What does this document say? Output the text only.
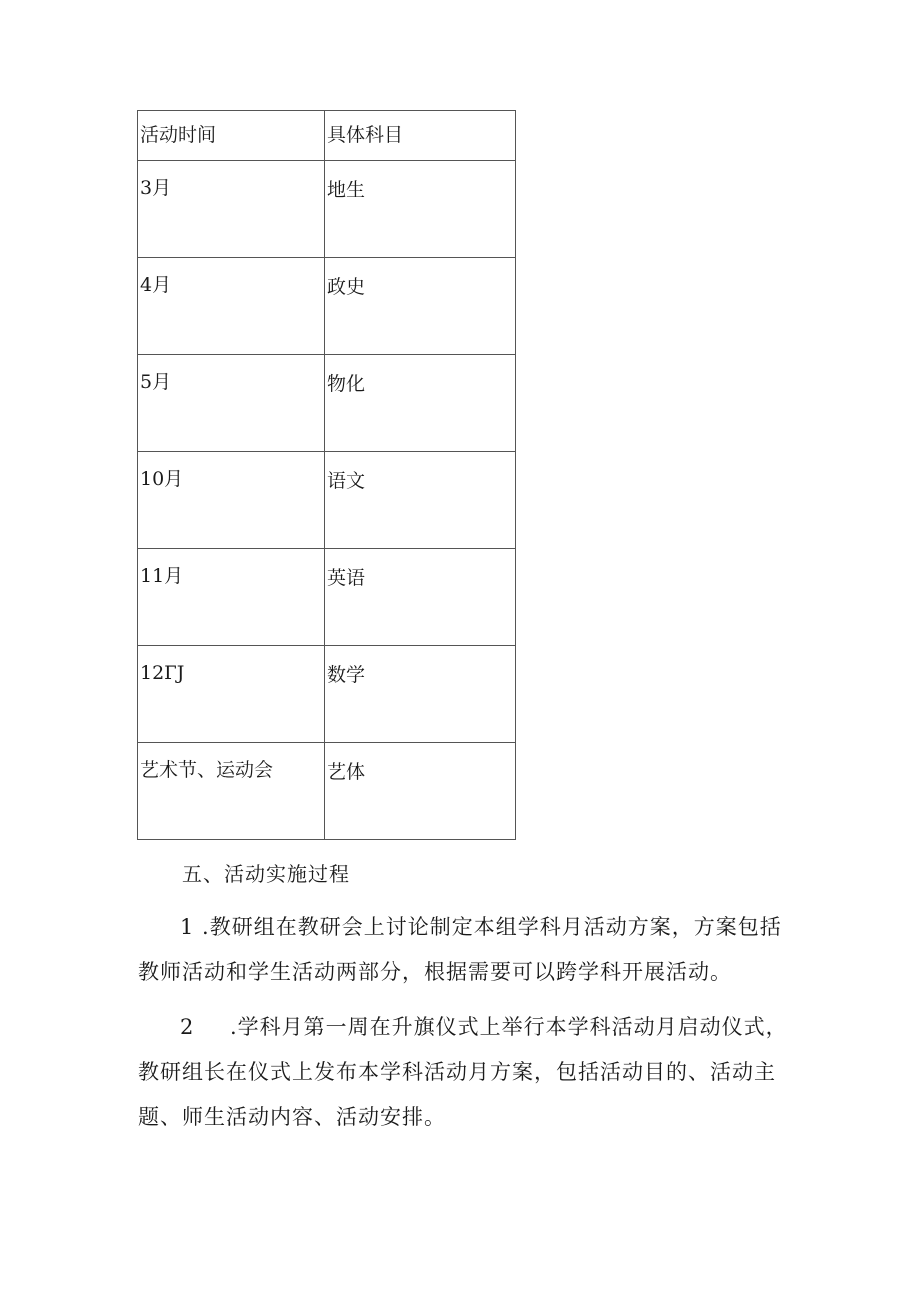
活动时间	具体科目

3月	地生

4月	政史

5月	物化

10月	语文

11月	英语

12ГJ	数学

艺术节、运动会	艺体
五、活动实施过程
1 .教研组在教研会上讨论制定本组学科月活动方案，方案包括教师活动和学生活动两部分，根据需要可以跨学科开展活动。
2 .学科月第一周在升旗仪式上举行本学科活动月启动仪式，教研组长在仪式上发布本学科活动月方案，包括活动目的、活动主题、师生活动内容、活动安排。
